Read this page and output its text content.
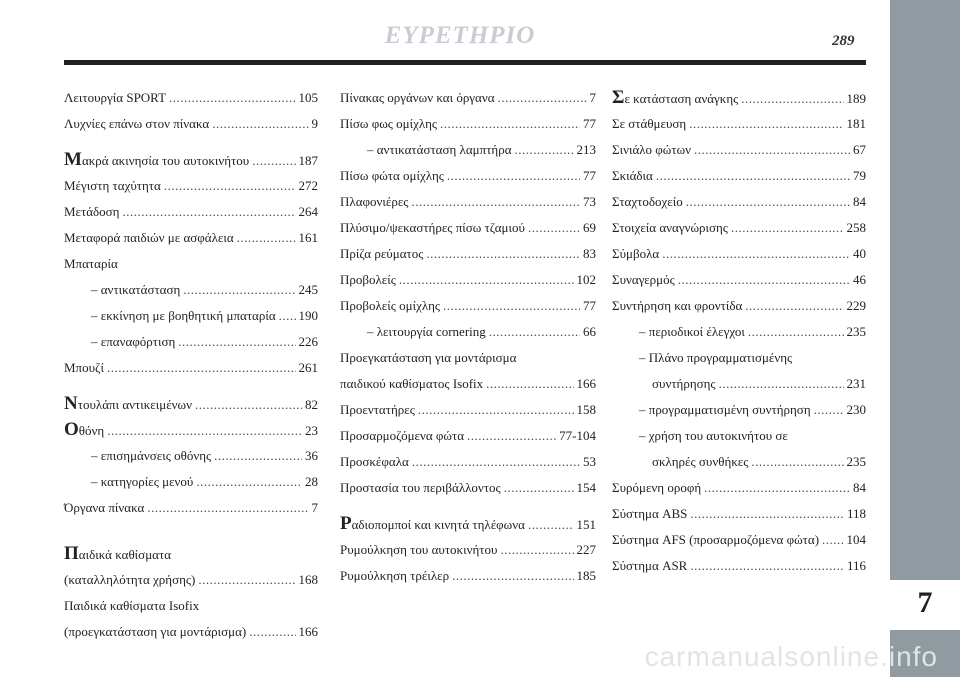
ΕΥΡΕΤΗΡΙΟ	289
7
Λειτουργία SPORT .....	105
Λυχνίες επάνω στον πίνακα .....	9
Μακρά ακινησία του αυτοκινήτου .....	187
Μέγιστη ταχύτητα .....	272
Μετάδοση .....	264
Μεταφορά παιδιών με ασφάλεια .....	161
Μπαταρία
– αντικατάσταση .....	245
– εκκίνηση με βοηθητική μπαταρία ..... 190
– επαναφόρτιση .....	226
Μπουζί .....	261
Ντουλάπι αντικειμένων .....	82
Οθόνη .....	23
– επισημάνσεις οθόνης .....	36
– κατηγορίες μενού .....	28
Όργανα πίνακα .....	7
Παιδικά καθίσματα
(καταλληλότητα χρήσης) .....	168
Παιδικά καθίσματα Isofix
(προεγκατάσταση για μοντάρισμα) .....	166
Πίνακας οργάνων και όργανα .....	7
Πίσω φως ομίχλης .....	77
– αντικατάσταση λαμπτήρα .....	213
Πίσω φώτα ομίχλης .....	77
Πλαφονιέρες .....	73
Πλύσιμο/ψεκαστήρες πίσω τζαμιού .....	69
Πρίζα ρεύματος .....	83
Προβολείς .....	102
Προβολείς ομίχλης .....	77
– λειτουργία cornering .....	66
Προεγκατάσταση για μοντάρισμα
παιδικού καθίσματος Isofix .....	166
Προεντατήρες .....	158
Προσαρμοζόμενα φώτα .....	77-104
Προσκέφαλα .....	53
Προστασία του περιβάλλοντος .....	154
Ραδιοπομποί και κινητά τηλέφωνα .....	151
Ρυμούλκηση του αυτοκινήτου .....	227
Ρυμούλκηση τρέιλερ .....	185
Σε κατάσταση ανάγκης .....	189
Σε στάθμευση .....	181
Σινιάλο φώτων .....	67
Σκιάδια .....	79
Σταχτοδοχείο .....	84
Στοιχεία αναγνώρισης .....	258
Σύμβολα .....	40
Συναγερμός .....	46
Συντήρηση και φροντίδα .....	229
– περιοδικοί έλεγχοι .....	235
– Πλάνο προγραμματισμένης
συντήρησης .....	231
– προγραμματισμένη συντήρηση .....	230
– χρήση του αυτοκινήτου σε
σκληρές συνθήκες .....	235
Συρόμενη οροφή .....	84
Σύστημα ABS .....	118
Σύστημα AFS (προσαρμοζόμενα φώτα) ..... 104
Σύστημα ASR .....	116
carmanualsonline.info
